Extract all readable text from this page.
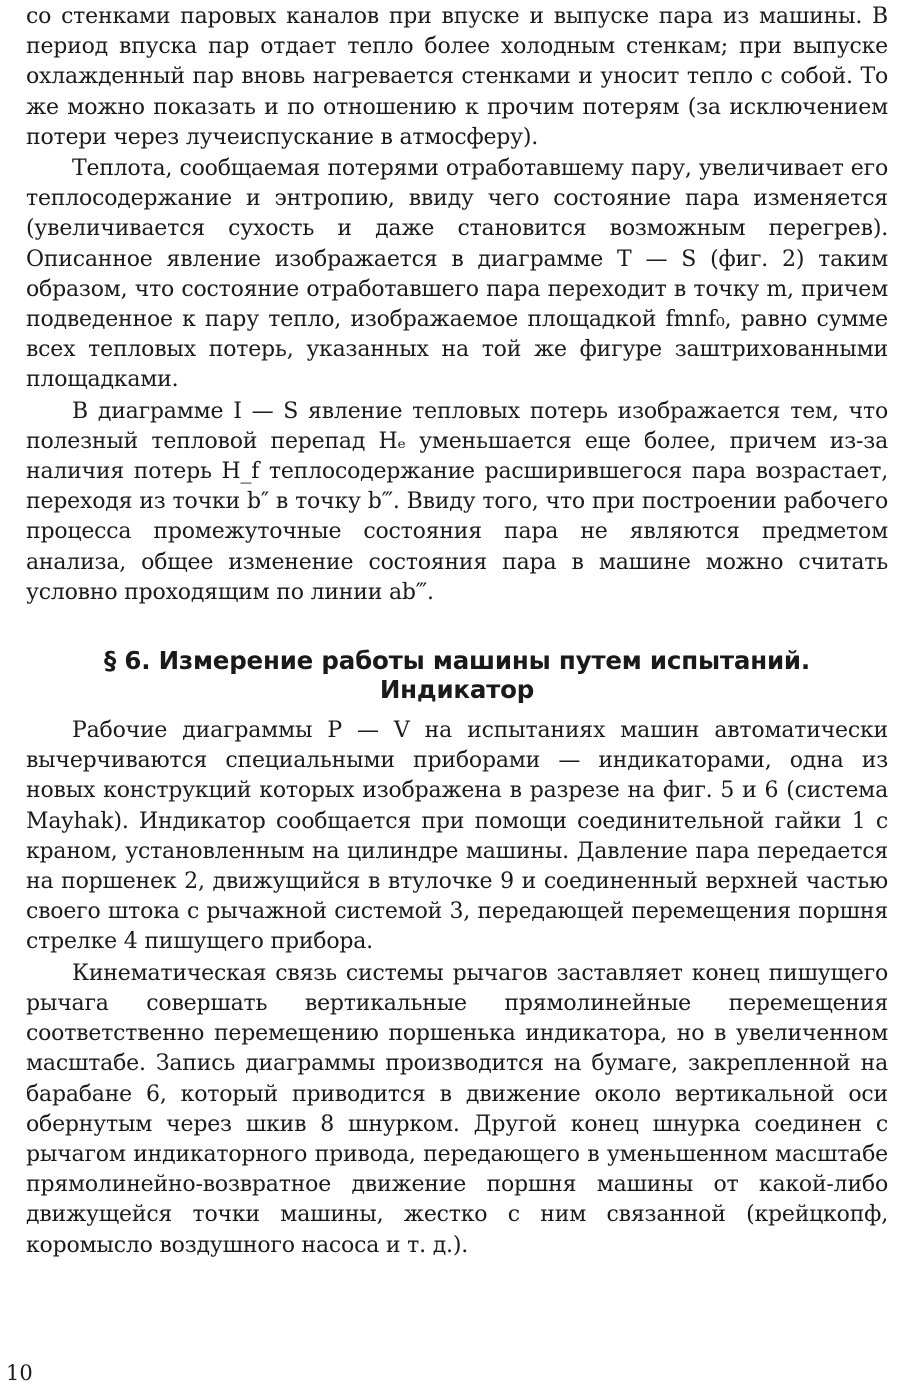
со стенками паровых каналов при впуске и выпуске пара из машины. В период впуска пар отдает тепло более холодным стенкам; при выпуске охлажденный пар вновь нагревается стенками и уносит тепло с собой. То же можно показать и по отношению к прочим потерям (за исключением потери через лучеиспускание в атмосферу).

Теплота, сообщаемая потерями отработавшему пару, увеличивает его теплосодержание и энтропию, ввиду чего состояние пара изменяется (увеличивается сухость и даже становится возможным перегрев). Описанное явление изображается в диаграмме T — S (фиг. 2) таким образом, что состояние отработавшего пара переходит в точку m, причем подведенное к пару тепло, изображаемое площадкой fmnf₀, равно сумме всех тепловых потерь, указанных на той же фигуре заштрихованными площадками.

В диаграмме I — S явление тепловых потерь изображается тем, что полезный тепловой перепад Hₑ уменьшается еще более, причем из-за наличия потерь H_f теплосодержание расширившегося пара возрастает, переходя из точки b″ в точку b‴. Ввиду того, что при построении рабочего процесса промежуточные состояния пара не являются предметом анализа, общее изменение состояния пара в машине можно считать условно проходящим по линии ab‴.

§ 6. Измерение работы машины путем испытаний.
Индикатор

Рабочие диаграммы P — V на испытаниях машин автоматически вычерчиваются специальными приборами — индикаторами, одна из новых конструкций которых изображена в разрезе на фиг. 5 и 6 (система Mayhak). Индикатор сообщается при помощи соединительной гайки 1 с краном, установленным на цилиндре машины. Давление пара передается на поршенек 2, движущийся в втулочке 9 и соединенный верхней частью своего штока с рычажной системой 3, передающей перемещения поршня стрелке 4 пишущего прибора.

Кинематическая связь системы рычагов заставляет конец пишущего рычага совершать вертикальные прямолинейные перемещения соответственно перемещению поршенька индикатора, но в увеличенном масштабе. Запись диаграммы производится на бумаге, закрепленной на барабане 6, который приводится в движение около вертикальной оси обернутым через шкив 8 шнурком. Другой конец шнурка соединен с рычагом индикаторного привода, передающего в уменьшенном масштабе прямолинейно-возвратное движение поршня машины от какой-либо движущейся точки машины, жестко с ним связанной (крейцкопф, коромысло воздушного насоса и т. д.).

10
